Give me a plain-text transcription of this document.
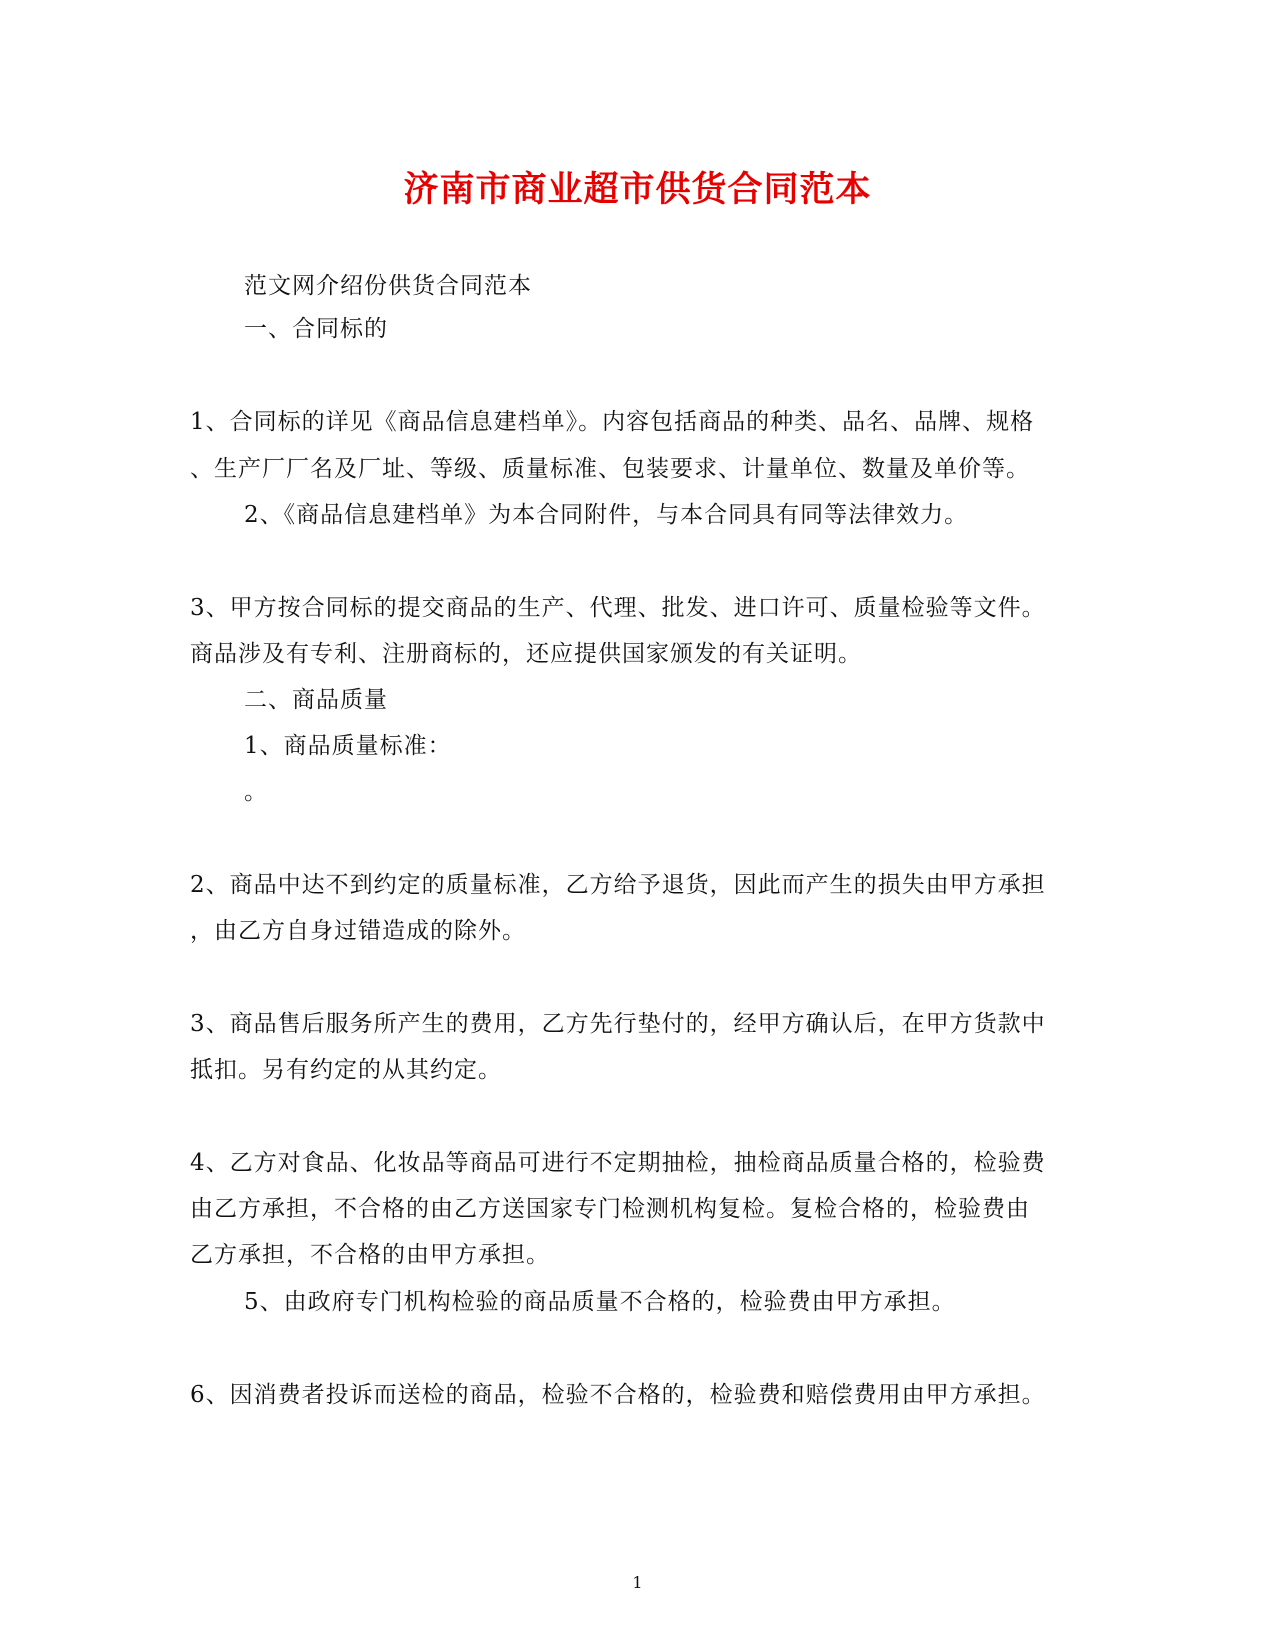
济南市商业超市供货合同范本
范文网介绍份供货合同范本
一、合同标的
1、合同标的详见《商品信息建档单》。内容包括商品的种类、品名、品牌、规格
、生产厂厂名及厂址、等级、质量标准、包装要求、计量单位、数量及单价等。
2、《商品信息建档单》为本合同附件，与本合同具有同等法律效力。
3、甲方按合同标的提交商品的生产、代理、批发、进口许可、质量检验等文件。
商品涉及有专利、注册商标的，还应提供国家颁发的有关证明。
二、商品质量
1、商品质量标准：
。
2、商品中达不到约定的质量标准，乙方给予退货，因此而产生的损失由甲方承担
，由乙方自身过错造成的除外。
3、商品售后服务所产生的费用，乙方先行垫付的，经甲方确认后，在甲方货款中
抵扣。另有约定的从其约定。
4、乙方对食品、化妆品等商品可进行不定期抽检，抽检商品质量合格的，检验费
由乙方承担，不合格的由乙方送国家专门检测机构复检。复检合格的，检验费由
乙方承担，不合格的由甲方承担。
5、由政府专门机构检验的商品质量不合格的，检验费由甲方承担。
6、因消费者投诉而送检的商品，检验不合格的，检验费和赔偿费用由甲方承担。
1
